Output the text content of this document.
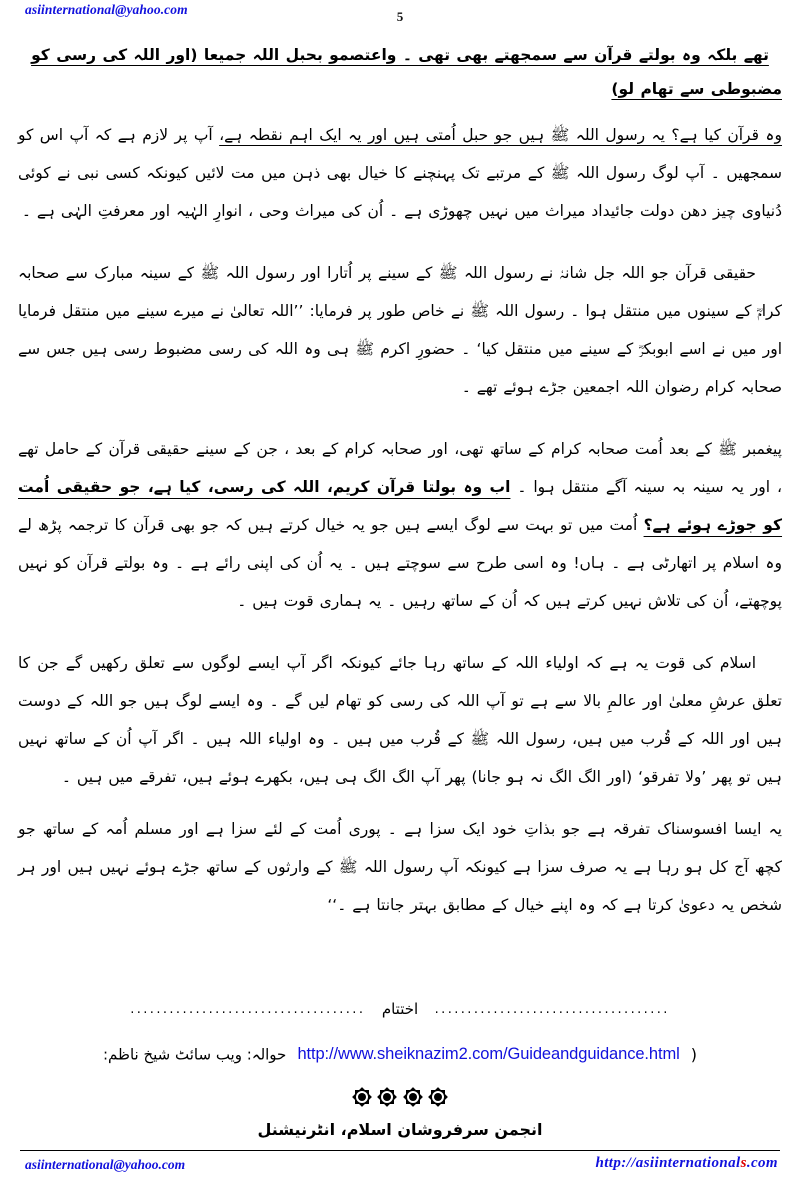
asiinternational@yahoo.com	5
تھے بلکہ وہ بولتے قرآن سے سمجھتے بھی تھی ۔ واعتصمو بحبل اللہ جميعا (اور اللہ کی رسی کو مضبوطی سے تھام لو)

وہ قرآن کیا ہے؟ یہ رسول اللہ ﷺ ہیں جو حبل اُمتی ہیں اور یہ ایک اہم نقطہ ہے، آپ پر لازم ہے کہ آپ اس کو سمجھیں ۔ آپ لوگ رسول اللہ ﷺ کے مرتبے تک پہنچنے کا خیال بھی ذہن میں مت لائیں کیونکہ کسی نبی نے کوئی دُنیاوی چیز دھن دولت جائیداد میراث میں نہیں چھوڑی ہے ۔ اُن کی میراث وحی ، انوارِ الہٰیہ اور معرفتِ الہٰی ہے ۔

حقیقی قرآن جو اللہ جل شانہٗ نے رسول اللہ ﷺ کے سینے پر اُتارا اور رسول اللہ ﷺ کے سینہ مبارک سے صحابہ کرامؓ کے سینوں میں منتقل ہوا ۔ رسول اللہ ﷺ نے خاص طور پر فرمایا: ’’اللہ تعالیٰ نے میرے سینے میں منتقل فرمایا اور میں نے اسے ابوبکرؓ کے سینے میں منتقل کیا‘ ۔ حضورِ اکرم ﷺ ہی وہ اللہ کی رسی مضبوط رسی ہیں جس سے صحابہ کرام رضوان اللہ اجمعین جڑے ہوئے تھے ۔

پیغمبر ﷺ کے بعد اُمت صحابہ کرام کے ساتھ تھی، اور صحابہ کرام کے بعد ، جن کے سینے حقیقی قرآن کے حامل تھے ، اور یہ سینہ بہ سینہ آگے منتقل ہوا ۔ اب وہ بولتا قرآن کریم، اللہ کی رسی، کیا ہے، جو حقیقی اُمت کو جوڑے ہوئے ہے؟ اُمت میں تو بہت سے لوگ ایسے ہیں جو یہ خیال کرتے ہیں کہ جو بھی قرآن کا ترجمہ پڑھ لے وہ اسلام پر اتھارٹی ہے ۔ ہاں! وہ اسی طرح سے سوچتے ہیں ۔ یہ اُن کی اپنی رائے ہے ۔ وہ بولتے قرآن کو نہیں پوچھتے، اُن کی تلاش نہیں کرتے ہیں کہ اُن کے ساتھ رہیں ۔ یہ ہماری قوت ہیں ۔

اسلام کی قوت یہ ہے کہ اولیاء اللہ کے ساتھ رہا جائے کیونکہ اگر آپ ایسے لوگوں سے تعلق رکھیں گے جن کا تعلق عرشِ معلیٰ اور عالمِ بالا سے ہے تو آپ اللہ کی رسی کو تھام لیں گے ۔ وہ ایسے لوگ ہیں جو اللہ کے دوست ہیں اور اللہ کے قُرب میں ہیں، رسول اللہ ﷺ کے قُرب میں ہیں ۔ وہ اولیاء اللہ ہیں ۔ اگر آپ اُن کے ساتھ نہیں ہیں تو پھر ’ولا تفرقو‘ (اور الگ الگ نہ ہو جانا) پھر آپ الگ الگ ہی ہیں، بکھرے ہوئے ہیں، تفرقے میں ہیں ۔

یہ ایسا افسوسناک تفرقہ ہے جو بذاتِ خود ایک سزا ہے ۔ پوری اُمت کے لئے سزا ہے اور مسلم اُمہ کے ساتھ جو کچھ آج کل ہو رہا ہے یہ صرف سزا ہے کیونکہ آپ رسول اللہ ﷺ کے وارثوں کے ساتھ جڑے ہوئے نہیں ہیں اور ہر شخص یہ دعویٰ کرتا ہے کہ وہ اپنے خیال کے مطابق بہتر جانتا ہے ۔‘‘

.................................... اختتام ....................................
( http://www.sheiknazim2.com/Guideandguidance.html حوالہ: ویب سائٹ شیخ ناظم:

انجمن سرفروشان اسلام، انٹرنیشنل
asiinternational@yahoo.com	http://asiinternationals.com
